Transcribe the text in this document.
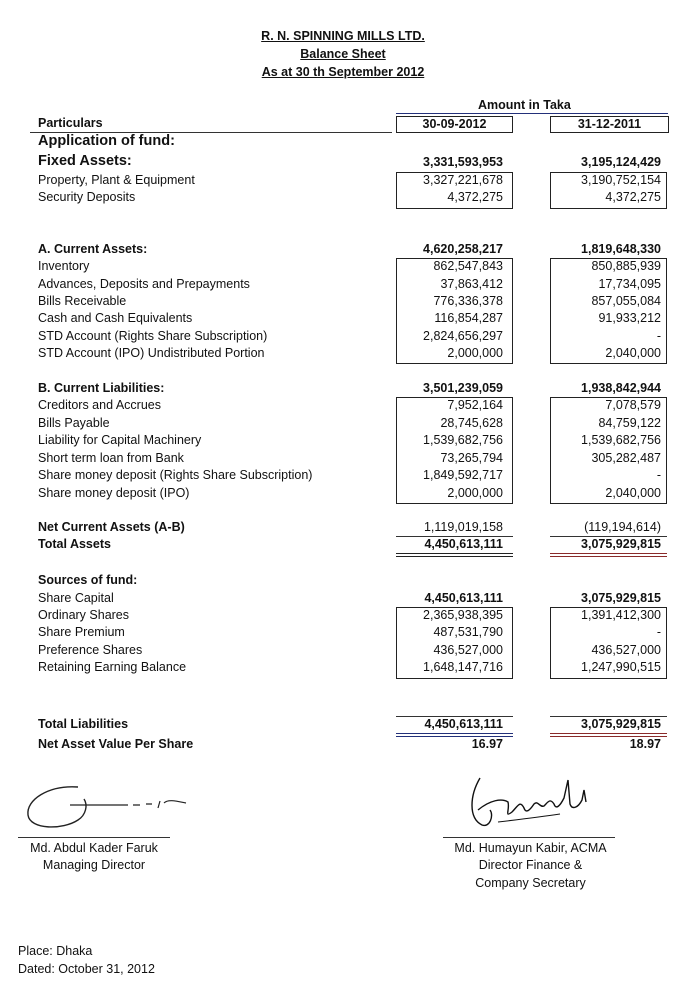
R. N. SPINNING MILLS LTD.
Balance Sheet
As at 30 th September 2012
Amount in Taka
Particulars	30-09-2012	31-12-2011
Application of fund:
Fixed Assets:	3,331,593,953	3,195,124,429
Property, Plant & Equipment	3,327,221,678	3,190,752,154
Security Deposits	4,372,275	4,372,275
A. Current Assets:	4,620,258,217	1,819,648,330
Inventory	862,547,843	850,885,939
Advances, Deposits and Prepayments	37,863,412	17,734,095
Bills Receivable	776,336,378	857,055,084
Cash and Cash Equivalents	116,854,287	91,933,212
STD Account (Rights Share Subscription)	2,824,656,297	-
STD Account (IPO) Undistributed Portion	2,000,000	2,040,000
B. Current Liabilities:	3,501,239,059	1,938,842,944
Creditors and Accrues	7,952,164	7,078,579
Bills Payable	28,745,628	84,759,122
Liability for Capital Machinery	1,539,682,756	1,539,682,756
Short term loan from Bank	73,265,794	305,282,487
Share money deposit (Rights Share Subscription)	1,849,592,717	-
Share money deposit (IPO)	2,000,000	2,040,000
Net Current Assets (A-B)	1,119,019,158	(119,194,614)
Total Assets	4,450,613,111	3,075,929,815
Sources of fund:
Share Capital	4,450,613,111	3,075,929,815
Ordinary Shares	2,365,938,395	1,391,412,300
Share Premium	487,531,790	-
Preference Shares	436,527,000	436,527,000
Retaining Earning Balance	1,648,147,716	1,247,990,515
Total Liabilities	4,450,613,111	3,075,929,815
Net Asset Value Per Share	16.97	18.97
Md. Abdul Kader Faruk
Managing Director
Md. Humayun Kabir, ACMA
Director Finance &
Company Secretary
Place: Dhaka
Dated: October 31, 2012
